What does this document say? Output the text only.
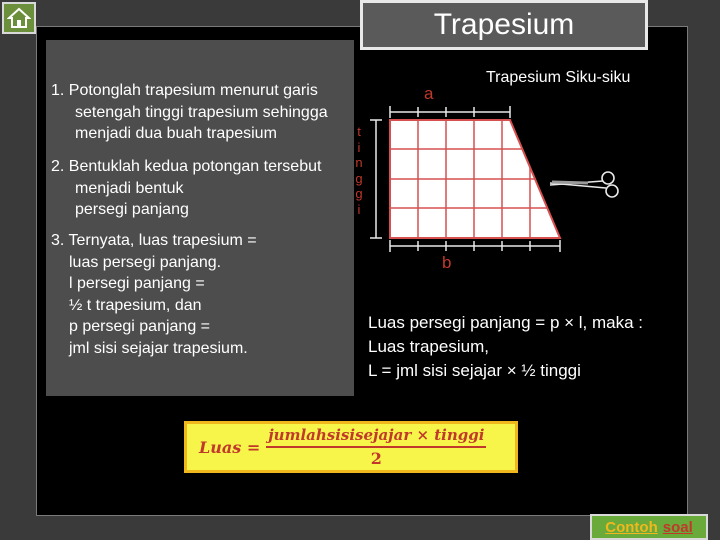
Trapesium
1. Potonglah trapesium menurut garis
setengah tinggi trapesium sehingga
menjadi dua buah trapesium
2. Bentuklah kedua potongan tersebut
menjadi bentuk
persegi panjang
3. Ternyata, luas trapesium =
luas persegi panjang.
l persegi panjang =
½ t trapesium, dan
p persegi panjang =
jml sisi sejajar trapesium.
t
i
n
g
g
i
Trapesium Siku-siku
a
b
Luas persegi panjang = p × l, maka :
Luas trapesium,
L = jml sisi sejajar × ½ tinggi
Luas = $\frac{\text{jumlahsisisejajar × tinggi}}{2}$
Contoh soal
